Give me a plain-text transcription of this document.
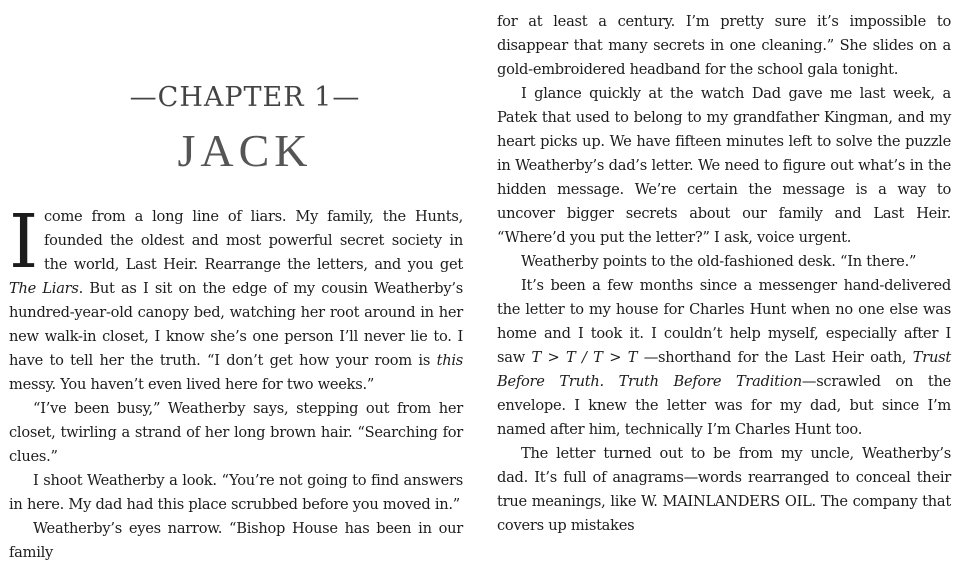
—CHAPTER 1—
JACK

I come from a long line of liars. My family, the Hunts, founded the oldest and most powerful secret society in the world, Last Heir. Rearrange the letters, and you get The Liars. But as I sit on the edge of my cousin Weatherby’s hundred-year-old canopy bed, watching her root around in her new walk-in closet, I know she’s one person I’ll never lie to. I have to tell her the truth. “I don’t get how your room is this messy. You haven’t even lived here for two weeks.”

“I’ve been busy,” Weatherby says, stepping out from her closet, twirling a strand of her long brown hair. “Searching for clues.”

I shoot Weatherby a look. “You’re not going to find answers in here. My dad had this place scrubbed before you moved in.”

Weatherby’s eyes narrow. “Bishop House has been in our family

for at least a century. I’m pretty sure it’s impossible to disappear that many secrets in one cleaning.” She slides on a gold-embroidered headband for the school gala tonight.

I glance quickly at the watch Dad gave me last week, a Patek that used to belong to my grandfather Kingman, and my heart picks up. We have fifteen minutes left to solve the puzzle in Weatherby’s dad’s letter. We need to figure out what’s in the hidden message. We’re certain the message is a way to uncover bigger secrets about our family and Last Heir. “Where’d you put the letter?” I ask, voice urgent.

Weatherby points to the old-fashioned desk. “In there.”

It’s been a few months since a messenger hand-delivered the letter to my house for Charles Hunt when no one else was home and I took it. I couldn’t help myself, especially after I saw T > T / T > T —shorthand for the Last Heir oath, Trust Before Truth. Truth Before Tradition—scrawled on the envelope. I knew the letter was for my dad, but since I’m named after him, technically I’m Charles Hunt too.

The letter turned out to be from my uncle, Weatherby’s dad. It’s full of anagrams—words rearranged to conceal their true meanings, like W. MAINLANDERS OIL. The company that covers up mistakes
